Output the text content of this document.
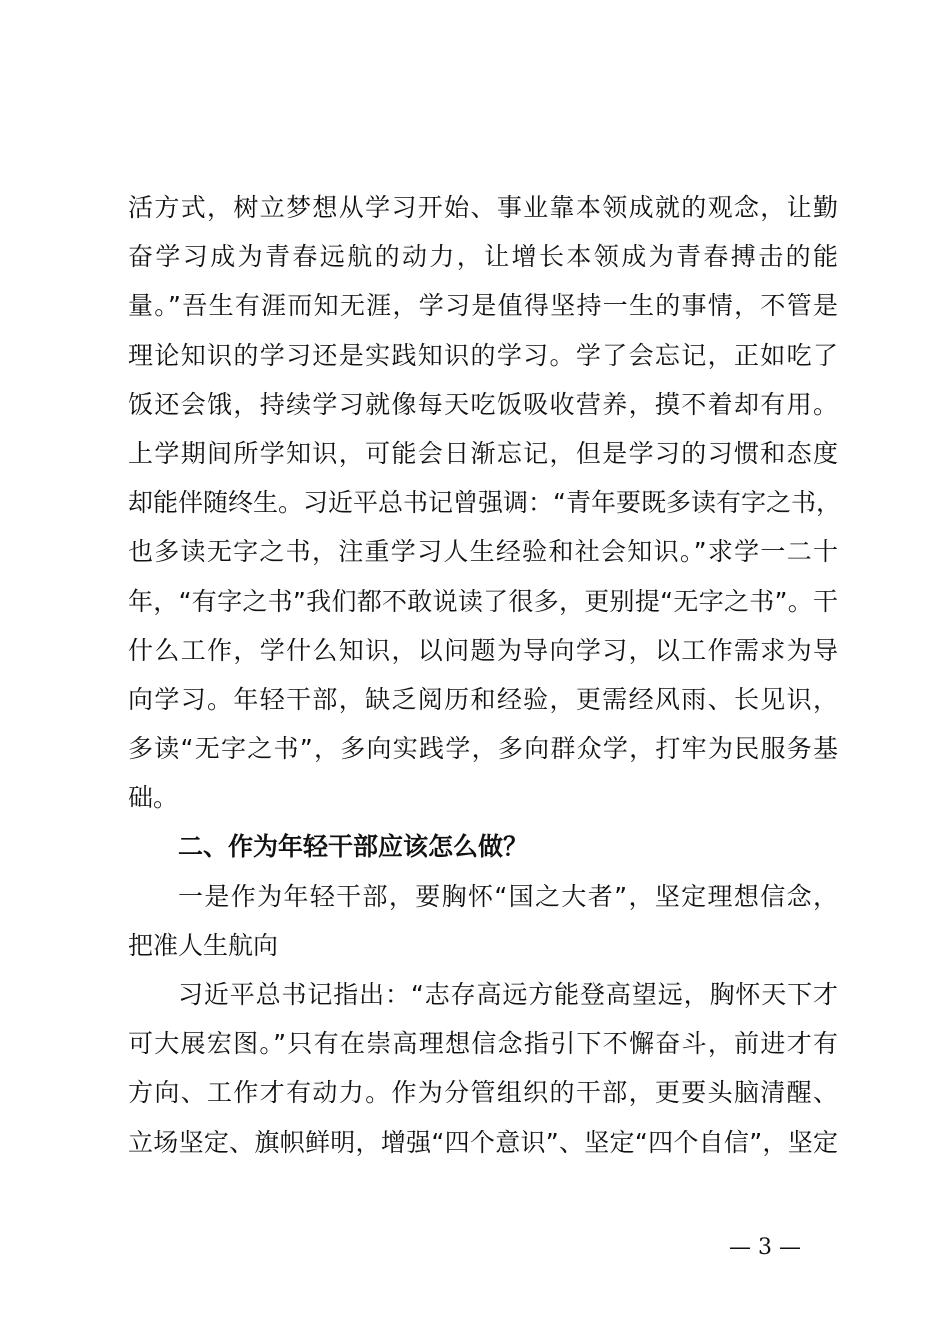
活方式，树立梦想从学习开始、事业靠本领成就的观念，让勤
奋学习成为青春远航的动力，让增长本领成为青春搏击的能
量。”吾生有涯而知无涯，学习是值得坚持一生的事情，不管是
理论知识的学习还是实践知识的学习。学了会忘记，正如吃了
饭还会饿，持续学习就像每天吃饭吸收营养，摸不着却有用。
上学期间所学知识，可能会日渐忘记，但是学习的习惯和态度
却能伴随终生。习近平总书记曾强调：“青年要既多读有字之书，
也多读无字之书，注重学习人生经验和社会知识。”求学一二十
年，“有字之书”我们都不敢说读了很多，更别提“无字之书”。干
什么工作，学什么知识，以问题为导向学习，以工作需求为导
向学习。年轻干部，缺乏阅历和经验，更需经风雨、长见识，
多读“无字之书”，多向实践学，多向群众学，打牢为民服务基
础。
二、作为年轻干部应该怎么做？
一是作为年轻干部，要胸怀“国之大者”，坚定理想信念，
把准人生航向
习近平总书记指出：“志存高远方能登高望远，胸怀天下才
可大展宏图。”只有在崇高理想信念指引下不懈奋斗，前进才有
方向、工作才有动力。作为分管组织的干部，更要头脑清醒、
立场坚定、旗帜鲜明，增强“四个意识”、坚定“四个自信”，坚定
— 3 —
